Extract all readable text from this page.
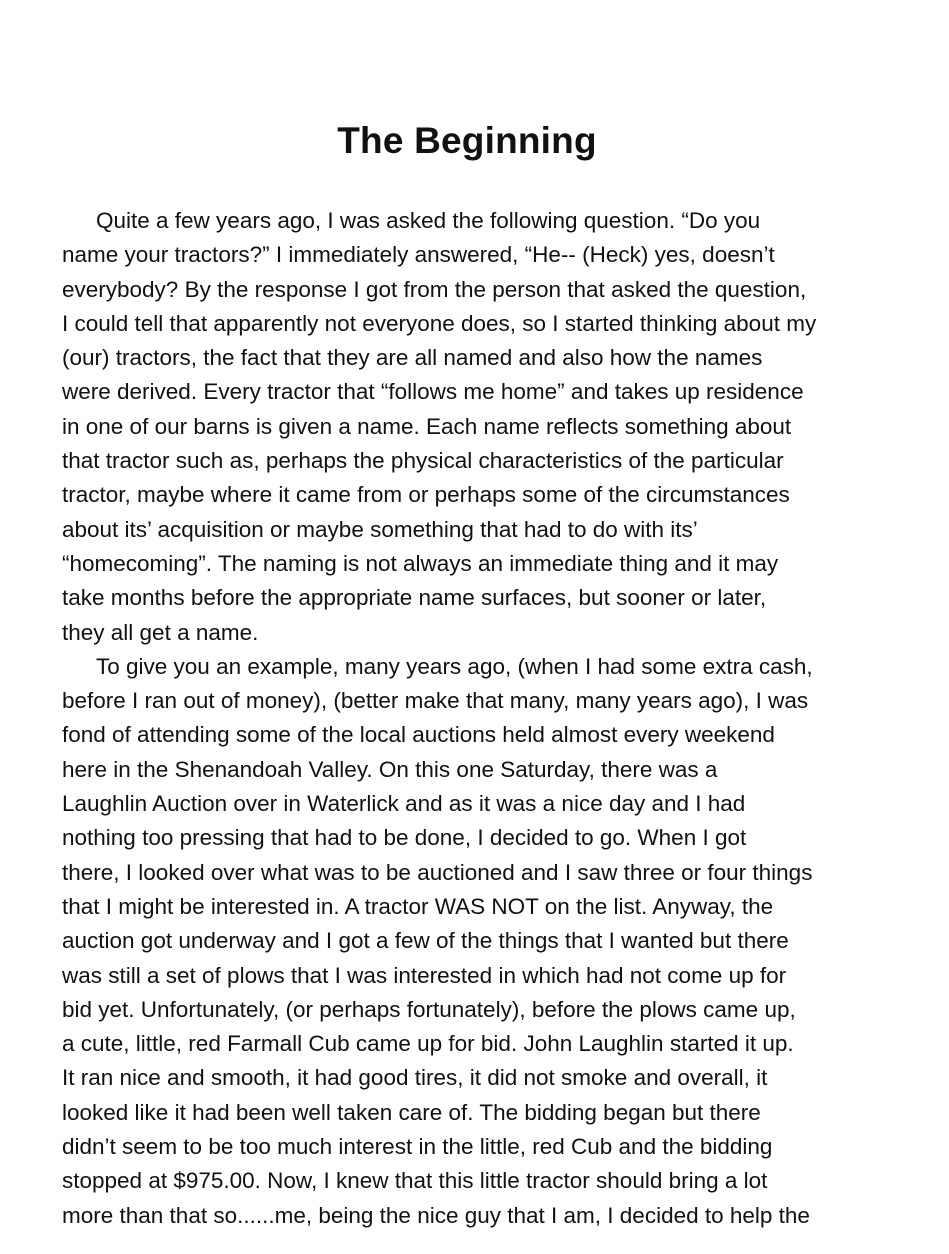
The Beginning
Quite a few years ago, I was asked the following question. “Do you
name your tractors?” I immediately answered, “He-- (Heck) yes, doesn’t
everybody? By the response I got from the person that asked the question,
I could tell that apparently not everyone does, so I started thinking about my
(our) tractors, the fact that they are all named and also how the names
were derived. Every tractor that “follows me home” and takes up residence
in one of our barns is given a name. Each name reflects something about
that tractor such as, perhaps the physical characteristics of the particular
tractor, maybe where it came from or perhaps some of the circumstances
about its’ acquisition or maybe something that had to do with its’
“homecoming”. The naming is not always an immediate thing and it may
take months before the appropriate name surfaces, but sooner or later,
they all get a name.
To give you an example, many years ago, (when I had some extra cash,
before I ran out of money), (better make that many, many years ago), I was
fond of attending some of the local auctions held almost every weekend
here in the Shenandoah Valley. On this one Saturday, there was a
Laughlin Auction over in Waterlick and as it was a nice day and I had
nothing too pressing that had to be done, I decided to go. When I got
there, I looked over what was to be auctioned and I saw three or four things
that I might be interested in. A tractor WAS NOT on the list. Anyway, the
auction got underway and I got a few of the things that I wanted but there
was still a set of plows that I was interested in which had not come up for
bid yet. Unfortunately, (or perhaps fortunately), before the plows came up,
a cute, little, red Farmall Cub came up for bid. John Laughlin started it up.
It ran nice and smooth, it had good tires, it did not smoke and overall, it
looked like it had been well taken care of. The bidding began but there
didn’t seem to be too much interest in the little, red Cub and the bidding
stopped at $975.00. Now, I knew that this little tractor should bring a lot
more than that so......me, being the nice guy that I am, I decided to help the
